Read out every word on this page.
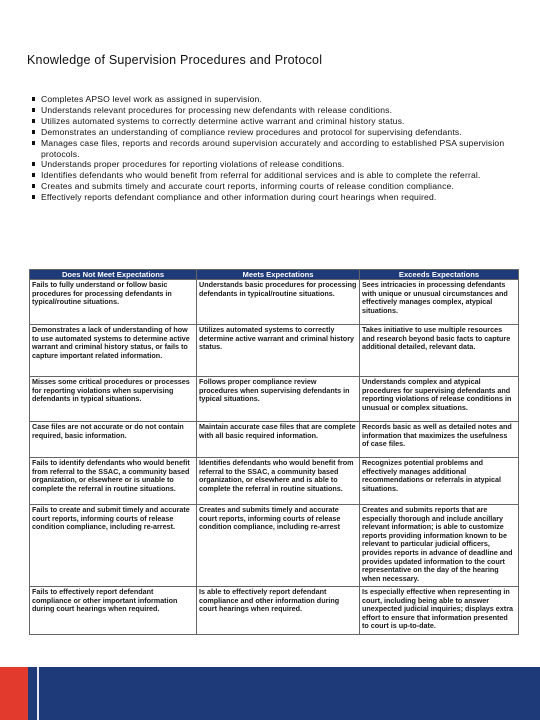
Knowledge of Supervision Procedures and Protocol
Completes APSO level work as assigned in supervision.
Understands relevant procedures for processing new defendants with release conditions.
Utilizes automated systems to correctly determine active warrant and criminal history status.
Demonstrates an understanding of compliance review procedures and protocol for supervising defendants.
Manages case files, reports and records around supervision accurately and according to established PSA supervision protocols.
Understands proper procedures for reporting violations of release conditions.
Identifies defendants who would benefit from referral for additional services and is able to complete the referral.
Creates and submits timely and accurate court reports, informing courts of release condition compliance.
Effectively reports defendant compliance and other information during court hearings when required.
Does Not Meet Expectations	Meets Expectations	Exceeds Expectations
Fails to fully understand or follow basic procedures for processing defendants in typical/routine situations.	Understands basic procedures for processing defendants in typical/routine situations.	Sees intricacies in processing defendants with unique or unusual circumstances and effectively manages complex, atypical situations.
Demonstrates a lack of understanding of how to use automated systems to determine active warrant and criminal history status, or fails to capture important related information.	Utilizes automated systems to correctly determine active warrant and criminal history status.	Takes initiative to use multiple resources and research beyond basic facts to capture additional detailed, relevant data.
Misses some critical procedures or processes for reporting violations when supervising defendants in typical situations.	Follows proper compliance review procedures when supervising defendants in typical situations.	Understands complex and atypical procedures for supervising defendants and reporting violations of release conditions in unusual or complex situations.
Case files are not accurate or do not contain required, basic information.	Maintain accurate case files that are complete with all basic required information.	Records basic as well as detailed notes and information that maximizes the usefulness of case files.
Fails to identify defendants who would benefit from referral to the SSAC, a community based organization, or elsewhere or is unable to complete the referral in routine situations.	Identifies defendants who would benefit from referral to the SSAC, a community based organization, or elsewhere and is able to complete the referral in routine situations.	Recognizes potential problems and effectively manages additional recommendations or referrals in atypical situations.
Fails to create and submit timely and accurate court reports, informing courts of release condition compliance, including re-arrest.	Creates and submits timely and accurate court reports, informing courts of release condition compliance, including re-arrest	Creates and submits reports that are especially thorough and include ancillary relevant information; is able to customize reports providing information known to be relevant to particular judicial officers, provides reports in advance of deadline and provides updated information to the court representative on the day of the hearing when necessary.
Fails to effectively report defendant compliance or other important information during court hearings when required.	Is able to effectively report defendant compliance and other information during court hearings when required.	Is especially effective when representing in court, including being able to answer unexpected judicial inquiries; displays extra effort to ensure that information presented to court is up-to-date.
